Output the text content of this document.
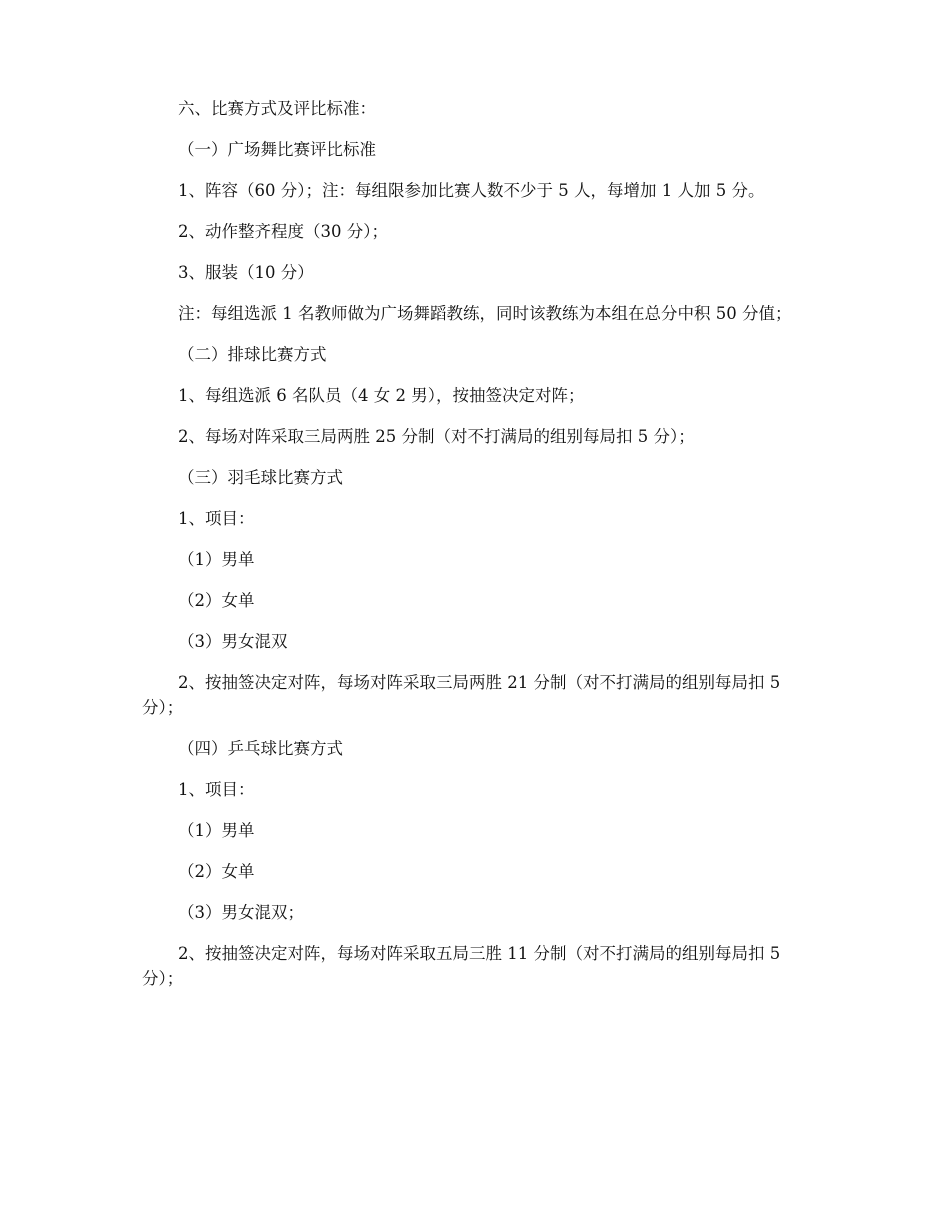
六、比赛方式及评比标准：

（一）广场舞比赛评比标准

1、阵容（60 分）；注：每组限参加比赛人数不少于 5 人，每增加 1 人加 5 分。

2、动作整齐程度（30 分）；

3、服装（10 分）

注：每组选派 1 名教师做为广场舞蹈教练，同时该教练为本组在总分中积 50 分值；

（二）排球比赛方式

1、每组选派 6 名队员（4 女 2 男），按抽签决定对阵；

2、每场对阵采取三局两胜 25 分制（对不打满局的组别每局扣 5 分）；

（三）羽毛球比赛方式

1、项目：

（1）男单

（2）女单

（3）男女混双

2、按抽签决定对阵，每场对阵采取三局两胜 21 分制（对不打满局的组别每局扣 5 分）；

（四）乒乓球比赛方式

1、项目：

（1）男单

（2）女单

（3）男女混双；

2、按抽签决定对阵，每场对阵采取五局三胜 11 分制（对不打满局的组别每局扣 5 分）；
